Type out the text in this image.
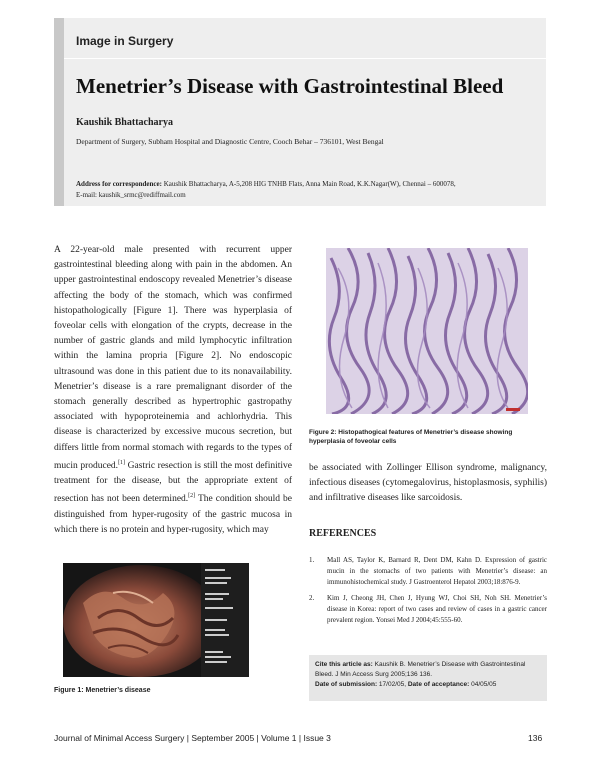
Image in Surgery
Menetrier’s Disease with Gastrointestinal Bleed
Kaushik Bhattacharya
Department of Surgery, Subham Hospital and Diagnostic Centre, Cooch Behar – 736101, West Bengal
Address for correspondence: Kaushik Bhattacharya, A-5,208 HIG TNHB Flats, Anna Main Road, K.K.Nagar(W), Chennai – 600078,
E-mail: kaushik_srmc@rediffmail.com
A 22-year-old male presented with recurrent upper gastrointestinal bleeding along with pain in the abdomen. An upper gastrointestinal endoscopy revealed Menetrier’s disease affecting the body of the stomach, which was confirmed histopathologically [Figure 1]. There was hyperplasia of foveolar cells with elongation of the crypts, decrease in the number of gastric glands and mild lymphocytic infiltration within the lamina propria [Figure 2]. No endoscopic ultrasound was done in this patient due to its nonavailability. Menetrier’s disease is a rare premalignant disorder of the stomach generally described as hypertrophic gastropathy associated with hypoproteinemia and achlorhydria. This disease is characterized by excessive mucous secretion, but differs little from normal stomach with regards to the types of mucin produced.[1] Gastric resection is still the most definitive treatment for the disease, but the appropriate extent of resection has not been determined.[2] The condition should be distinguished from hyper-rugosity of the gastric mucosa in which there is no protein and hyper-rugosity, which may
Figure 1: Menetrier’s disease
Figure 2: Histopathogical features of Menetrier’s disease showing hyperplasia of foveolar cells
be associated with Zollinger Ellison syndrome, malignancy, infectious diseases (cytomegalovirus, histoplasmosis, syphilis) and infiltrative diseases like sarcoidosis.
REFERENCES
1.	Mall AS, Taylor K, Barnard R, Dent DM, Kahn D. Expression of gastric mucin in the stomachs of two patients with Menetrier’s disease: an immunohistochemical study. J Gastroenterol Hepatol 2003;18:876-9.
2.	Kim J, Cheong JH, Chen J, Hyung WJ, Choi SH, Noh SH. Menetrier’s disease in Korea: report of two cases and review of cases in a gastric cancer prevalent region. Yonsei Med J 2004;45:555-60.
Cite this article as: Kaushik B. Menetrier’s Disease with Gastrointestinal Bleed. J Min Access Surg 2005;136 136.
Date of submission: 17/02/05, Date of acceptance: 04/05/05
Journal of Minimal Access Surgery | September 2005 | Volume 1 | Issue 3	136
